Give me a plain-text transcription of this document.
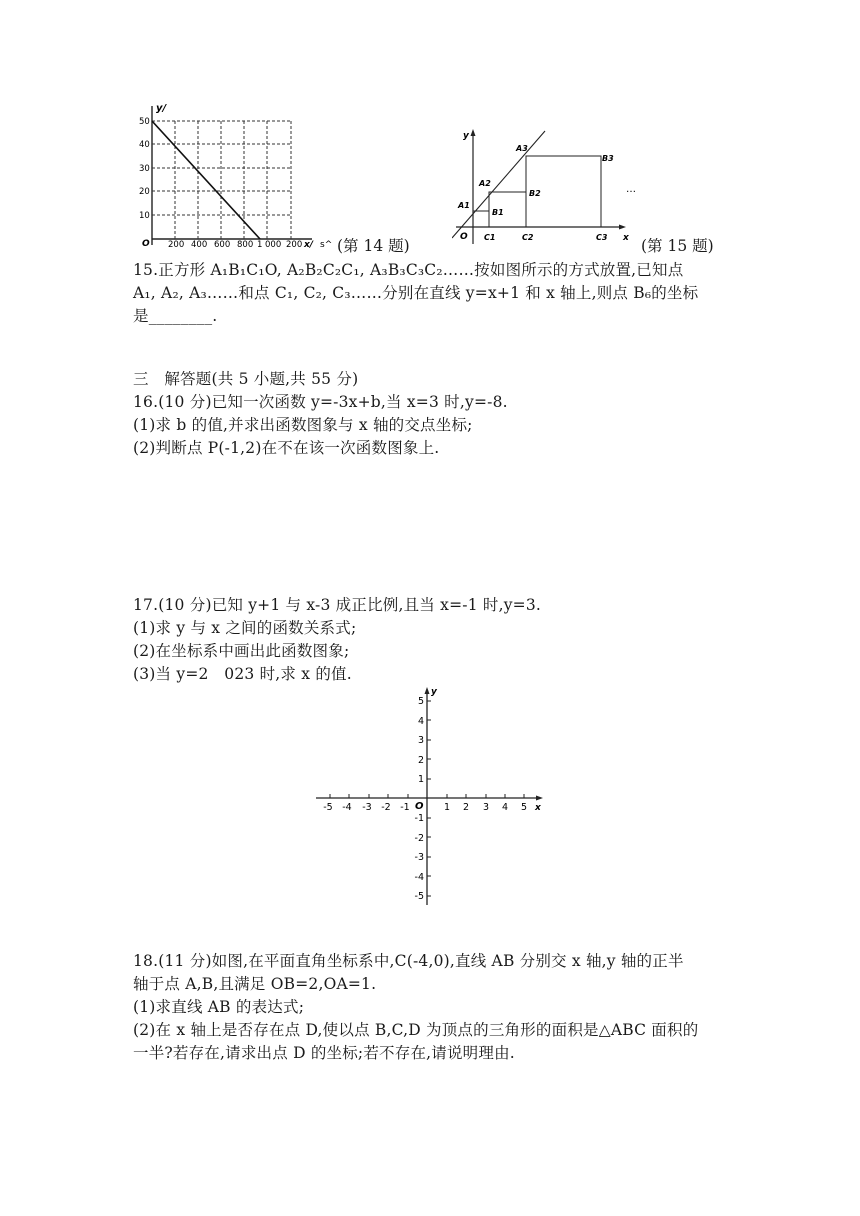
y/
50
40
30
20
10
O 200 400 600 800 1 000 200 x/ s^ (第 14 题)
y
O	x
A1
A2
A3
B1
B2
B3
C1	C2	C3
…
(第 15 题)
15.正方形 A₁B₁C₁O, A₂B₂C₂C₁, A₃B₃C₃C₂……按如图所示的方式放置,已知点
A₁, A₂, A₃……和点 C₁, C₂, C₃……分别在直线 y=x+1 和 x 轴上,则点 B₆的坐标
是________.
三　解答题(共 5 小题,共 55 分)
16.(10 分)已知一次函数 y=-3x+b,当 x=3 时,y=-8.
(1)求 b 的值,并求出函数图象与 x 轴的交点坐标;
(2)判断点 P(-1,2)在不在该一次函数图象上.
17.(10 分)已知 y+1 与 x-3 成正比例,且当 x=-1 时,y=3.
(1)求 y 与 x 之间的函数关系式;
(2)在坐标系中画出此函数图象;
(3)当 y=2　023 时,求 x 的值.
y
x
O
-5 -4 -3 -2 -1	1 2 3 4 5
5
4
3
2
1
-1
-2
-3
-4
-5
18.(11 分)如图,在平面直角坐标系中,C(-4,0),直线 AB 分别交 x 轴,y 轴的正半
轴于点 A,B,且满足 OB=2,OA=1.
(1)求直线 AB 的表达式;
(2)在 x 轴上是否存在点 D,使以点 B,C,D 为顶点的三角形的面积是△ABC 面积的
一半?若存在,请求出点 D 的坐标;若不存在,请说明理由.
